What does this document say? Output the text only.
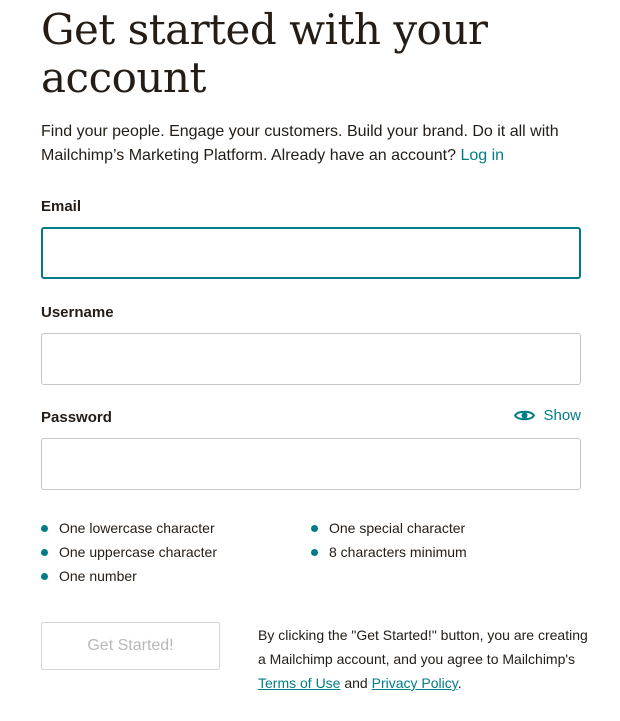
Get started with your account

Find your people. Engage your customers. Build your brand. Do it all with Mailchimp’s Marketing Platform. Already have an account? Log in

Email
Username
Password	Show
One lowercase character
One uppercase character
One number
One special character
8 characters minimum
Get Started!

By clicking the "Get Started!" button, you are creating a Mailchimp account, and you agree to Mailchimp's Terms of Use and Privacy Policy.
